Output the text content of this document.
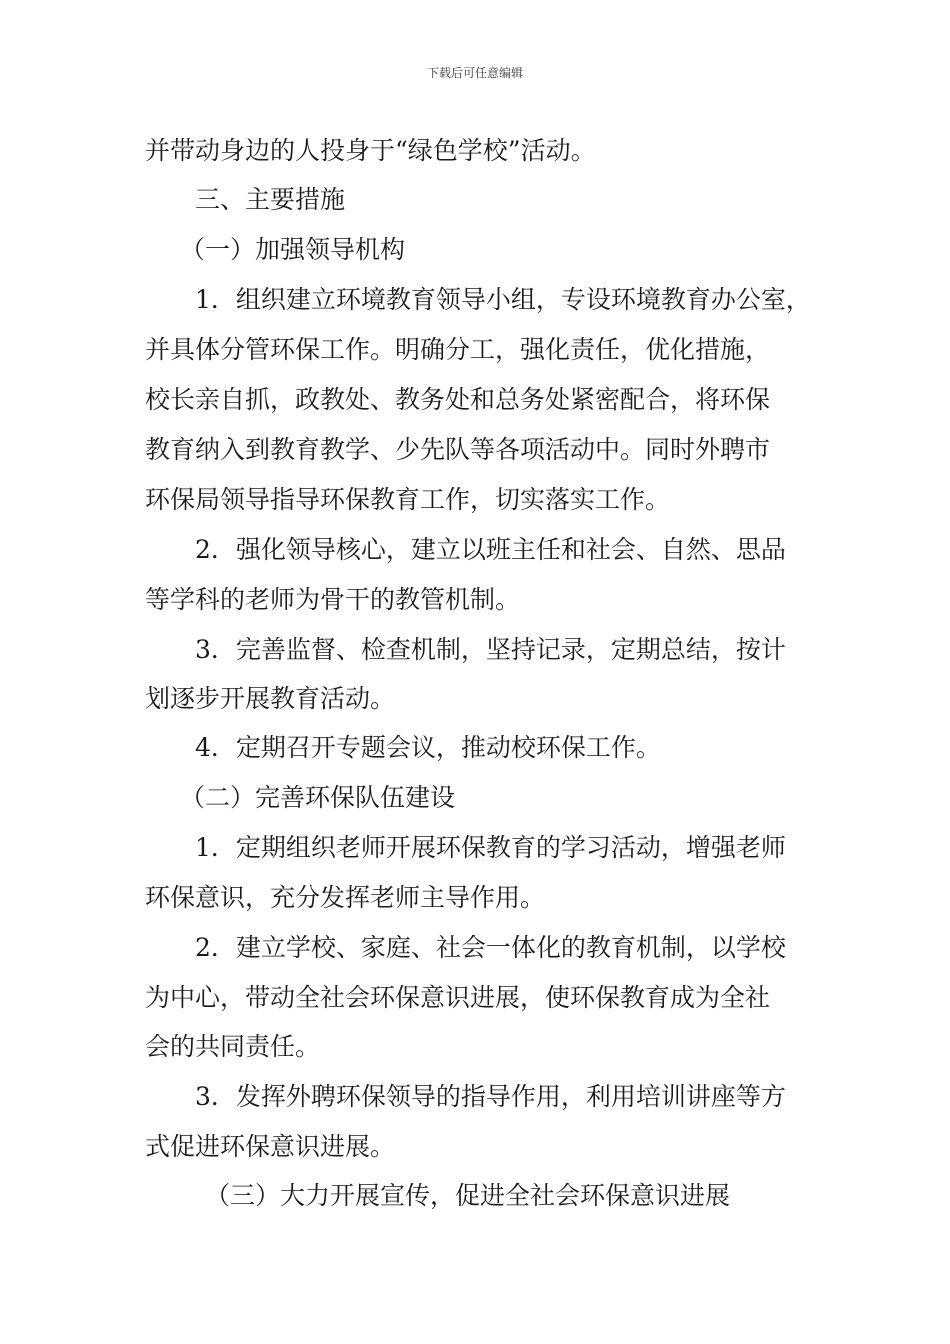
下载后可任意编辑
并带动身边的人投身于“绿色学校”活动。
三、主要措施
（一）加强领导机构
1．组织建立环境教育领导小组，专设环境教育办公室，
并具体分管环保工作。明确分工，强化责任，优化措施，
校长亲自抓，政教处、教务处和总务处紧密配合，将环保
教育纳入到教育教学、少先队等各项活动中。同时外聘市
环保局领导指导环保教育工作，切实落实工作。
2．强化领导核心，建立以班主任和社会、自然、思品
等学科的老师为骨干的教管机制。
3．完善监督、检查机制，坚持记录，定期总结，按计
划逐步开展教育活动。
4．定期召开专题会议，推动校环保工作。
（二）完善环保队伍建设
1．定期组织老师开展环保教育的学习活动，增强老师
环保意识，充分发挥老师主导作用。
2．建立学校、家庭、社会一体化的教育机制，以学校
为中心，带动全社会环保意识进展，使环保教育成为全社
会的共同责任。
3．发挥外聘环保领导的指导作用，利用培训讲座等方
式促进环保意识进展。
（三）大力开展宣传，促进全社会环保意识进展
